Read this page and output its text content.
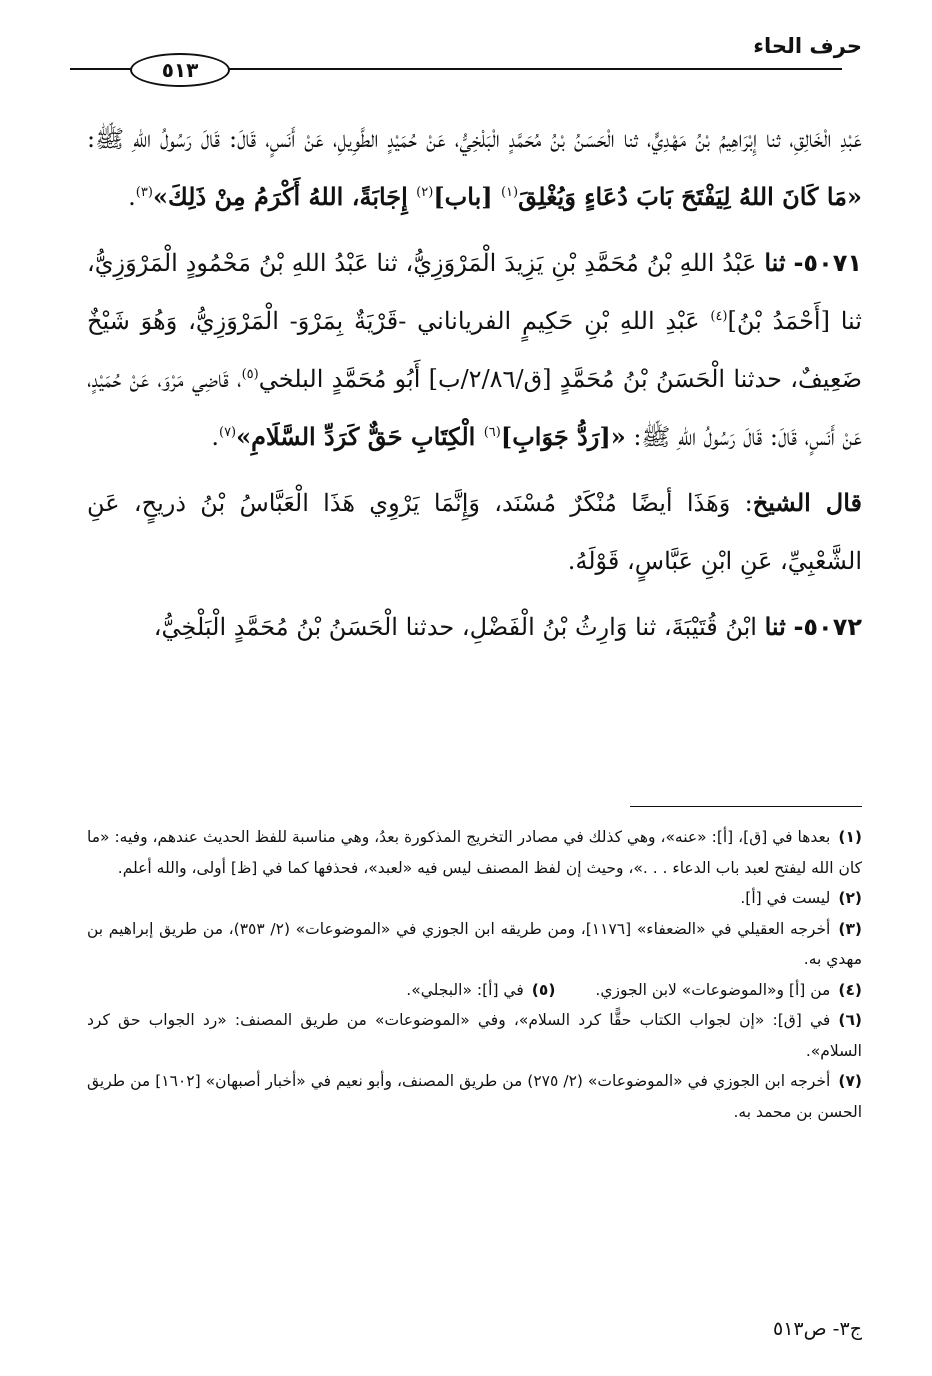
حرف الحاء
٥١٣

عَبْدِ الْخَالِقِ، ثنا إِبْرَاهِيمُ بْنُ مَهْدِيٍّ، ثنا الْحَسَنُ بْنُ مُحَمَّدٍ الْبَلْخِيُّ، عَنْ حُمَيْدٍ الطَّوِيلِ، عَنْ أَنَسٍ، قَالَ: قَالَ رَسُولُ اللهِ ﷺ: «مَا كَانَ اللهُ لِيَفْتَحَ بَابَ دُعَاءٍ وَيُغْلِقَ$^{(١)}$ [باب]$^{(٢)}$ إِجَابَةً، اللهُ أَكْرَمُ مِنْ ذَلِكَ»$^{(٣)}$.

٥٠٧١- ثنا عَبْدُ اللهِ بْنُ مُحَمَّدِ بْنِ يَزِيدَ الْمَرْوَزِيُّ، ثنا عَبْدُ اللهِ بْنُ مَحْمُودٍ الْمَرْوَزِيُّ، ثنا [أَحْمَدُ بْنُ]$^{(٤)}$ عَبْدِ اللهِ بْنِ حَكِيمٍ الفرياناني -قَرْيَةٌ بِمَرْوَ- الْمَرْوَزِيُّ، وَهُوَ شَيْخٌ ضَعِيفٌ، حدثنا الْحَسَنُ بْنُ مُحَمَّدٍ [ق/٢/٨٦/ب] أَبُو مُحَمَّدٍ البلخي$^{(٥)}$، قَاضِي مَرْوَ، عَنْ حُمَيْدٍ، عَنْ أَنَسٍ، قَالَ: قَالَ رَسُولُ اللهِ ﷺ: «[رَدُّ جَوَابِ]$^{(٦)}$ الْكِتَابِ حَقٌّ كَرَدِّ السَّلَامِ»$^{(٧)}$.

قال الشيخ: وَهَذَا أيضًا مُنْكَرٌ مُسْنَد، وَإِنَّمَا يَرْوِي هَذَا الْعَبَّاسُ بْنُ ذريحٍ، عَنِ الشَّعْبِيِّ، عَنِ ابْنِ عَبَّاسٍ، قَوْلَهُ.

٥٠٧٢- ثنا ابْنُ قُتَيْبَةَ، ثنا وَارِثُ بْنُ الْفَضْلِ، حدثنا الْحَسَنُ بْنُ مُحَمَّدٍ الْبَلْخِيُّ،

(١)بعدها في [ق]، [أ]: «عنه»، وهي كذلك في مصادر التخريج المذكورة بعدُ، وهي مناسبة للفظ الحديث عندهم، وفيه: «ما كان الله ليفتح لعبد باب الدعاء . . .»، وحيث إن لفظ المصنف ليس فيه «لعبد»، فحذفها كما في [ظ] أولى، والله أعلم.

(٢)ليست في [أ].

(٣)أخرجه العقيلي في «الضعفاء» [١١٧٦]، ومن طريقه ابن الجوزي في «الموضوعات» (٢/ ٣٥٣)، من طريق إبراهيم بن مهدي به.

(٤)من [أ] و«الموضوعات» لابن الجوزي.(٥)في [أ]: «البجلي».

(٦)في [ق]: «إن لجواب الكتاب حقًّا كرد السلام»، وفي «الموضوعات» من طريق المصنف: «رد الجواب حق كرد السلام».

(٧)أخرجه ابن الجوزي في «الموضوعات» (٢/ ٢٧٥) من طريق المصنف، وأبو نعيم في «أخبار أصبهان» [١٦٠٢] من طريق الحسن بن محمد به.

ج٣- ص٥١٣
